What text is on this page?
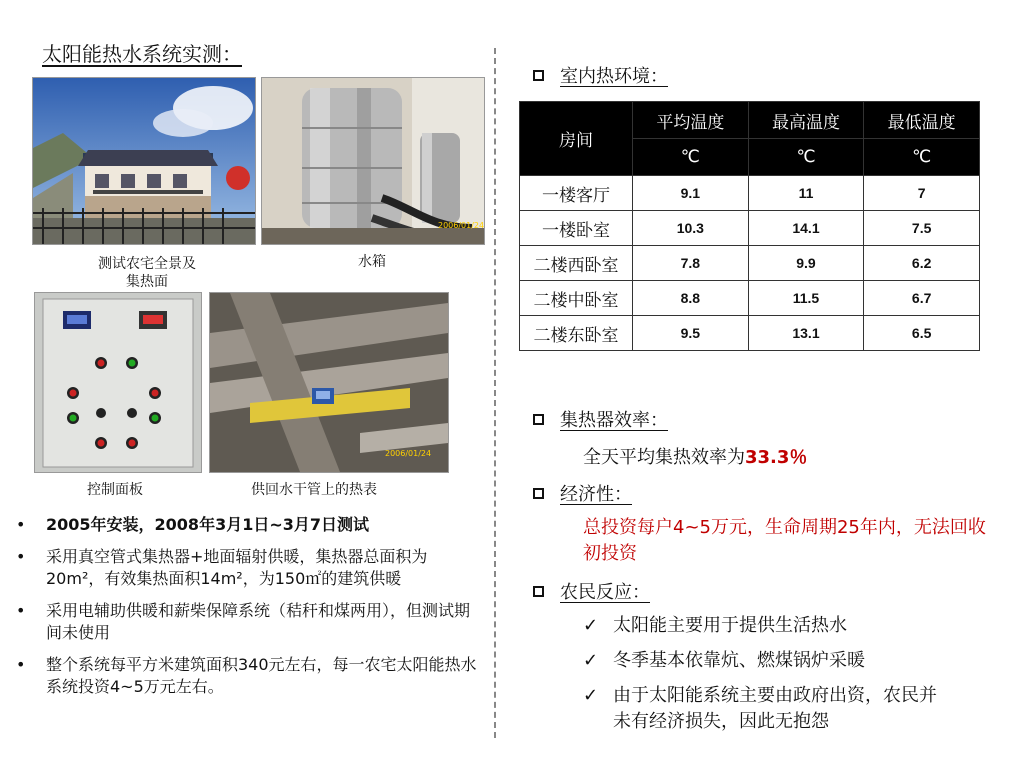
太阳能热水系统实测：
测试农宅全景及
集热面
2006/01/24
水箱
控制面板
2006/01/24
供回水干管上的热表
•	2005年安装，2008年3月1日~3月7日测试
•	采用真空管式集热器+地面辐射供暖，集热器总面积为20m²，有效集热面积14m²，为150㎡的建筑供暖
•	采用电辅助供暖和薪柴保障系统（秸秆和煤两用），但测试期间未使用
•	整个系统每平方米建筑面积340元左右，每一农宅太阳能热水系统投资4~5万元左右。
室内热环境：
房间	平均温度	最高温度	最低温度
	℃	℃	℃
一楼客厅	9.1	11	7
一楼卧室	10.3	14.1	7.5
二楼西卧室	7.8	9.9	6.2
二楼中卧室	8.8	11.5	6.7
二楼东卧室	9.5	13.1	6.5
集热器效率：
全天平均集热效率为33.3％
经济性：
总投资每户4~5万元，生命周期25年内，无法回收初投资
农民反应：
✓ 太阳能主要用于提供生活热水
✓ 冬季基本依靠炕、燃煤锅炉采暖
✓ 由于太阳能系统主要由政府出资，农民并未有经济损失，因此无抱怨
